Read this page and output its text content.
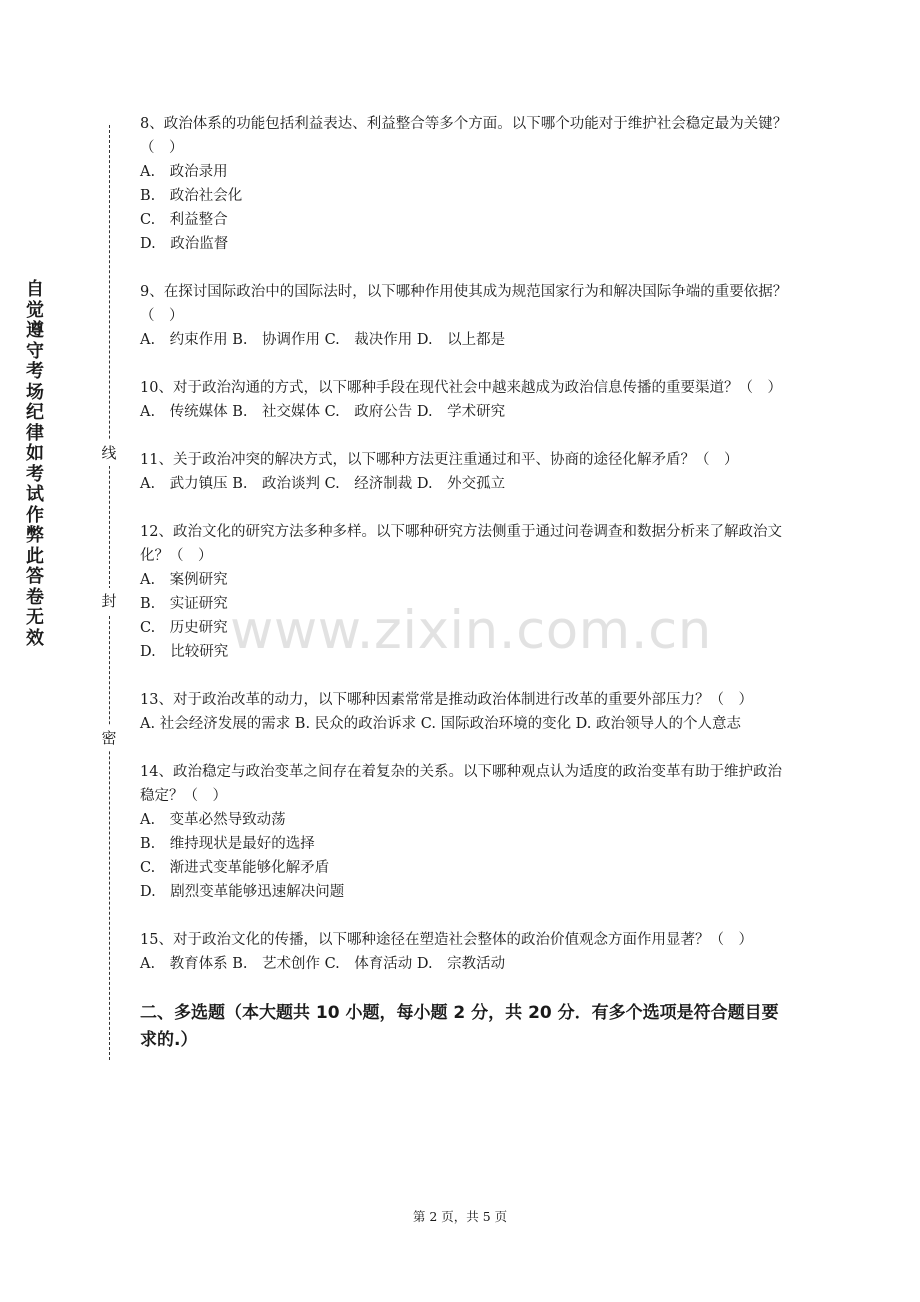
自觉遵守考场纪律如考试作弊此答卷无效
线
封
密

8、政治体系的功能包括利益表达、利益整合等多个方面。以下哪个功能对于维护社会稳定最为关键？（　）

A.　政治录用

B.　政治社会化

C.　利益整合

D.　政治监督

9、在探讨国际政治中的国际法时，以下哪种作用使其成为规范国家行为和解决国际争端的重要依据？（　）

A.　约束作用 B.　协调作用 C.　裁决作用 D.　以上都是

10、对于政治沟通的方式，以下哪种手段在现代社会中越来越成为政治信息传播的重要渠道？（　）

A.　传统媒体 B.　社交媒体 C.　政府公告 D.　学术研究

11、关于政治冲突的解决方式，以下哪种方法更注重通过和平、协商的途径化解矛盾？（　）

A.　武力镇压 B.　政治谈判 C.　经济制裁 D.　外交孤立

12、政治文化的研究方法多种多样。以下哪种研究方法侧重于通过问卷调查和数据分析来了解政治文化？（　）

A.　案例研究

B.　实证研究

C.　历史研究

D.　比较研究

13、对于政治改革的动力，以下哪种因素常常是推动政治体制进行改革的重要外部压力？（　）

A. 社会经济发展的需求 B. 民众的政治诉求 C. 国际政治环境的变化 D. 政治领导人的个人意志

14、政治稳定与政治变革之间存在着复杂的关系。以下哪种观点认为适度的政治变革有助于维护政治稳定？（　）

A.　变革必然导致动荡

B.　维持现状是最好的选择

C.　渐进式变革能够化解矛盾

D.　剧烈变革能够迅速解决问题

15、对于政治文化的传播，以下哪种途径在塑造社会整体的政治价值观念方面作用显著？（　）

A.　教育体系 B.　艺术创作 C.　体育活动 D.　宗教活动

二、多选题（本大题共 10 小题，每小题 2 分，共 20 分．有多个选项是符合题目要求的.）
www.zixin.com.cn
第 2 页，共 5 页
